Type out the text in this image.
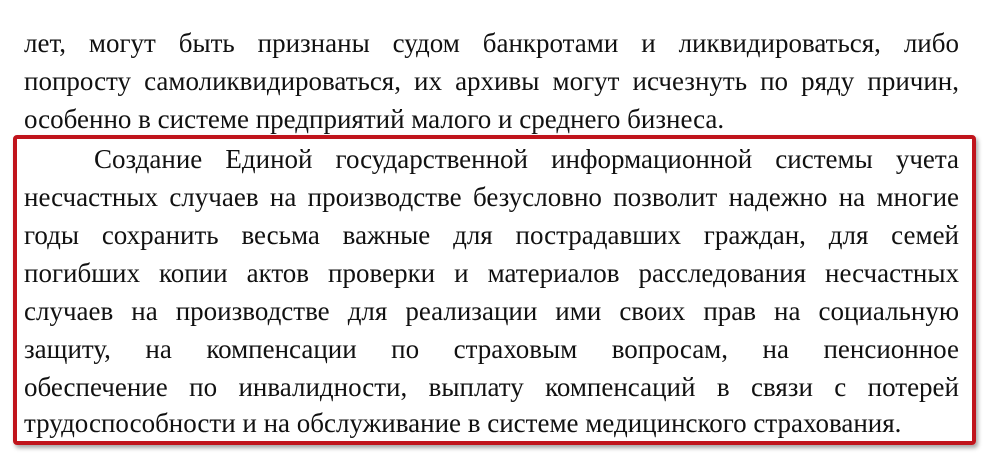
лет, могут быть признаны судом банкротами и ликвидироваться, либо
попросту самоликвидироваться, их архивы могут исчезнуть по ряду причин,
особенно в системе предприятий малого и среднего бизнеса.
Создание Единой государственной информационной системы учета
несчастных случаев на производстве безусловно позволит надежно на многие
годы сохранить весьма важные для пострадавших граждан, для семей
погибших копии актов проверки и материалов расследования несчастных
случаев на производстве для реализации ими своих прав на социальную
защиту, на компенсации по страховым вопросам, на пенсионное
обеспечение по инвалидности, выплату компенсаций в связи с потерей
трудоспособности и на обслуживание в системе медицинского страхования.
